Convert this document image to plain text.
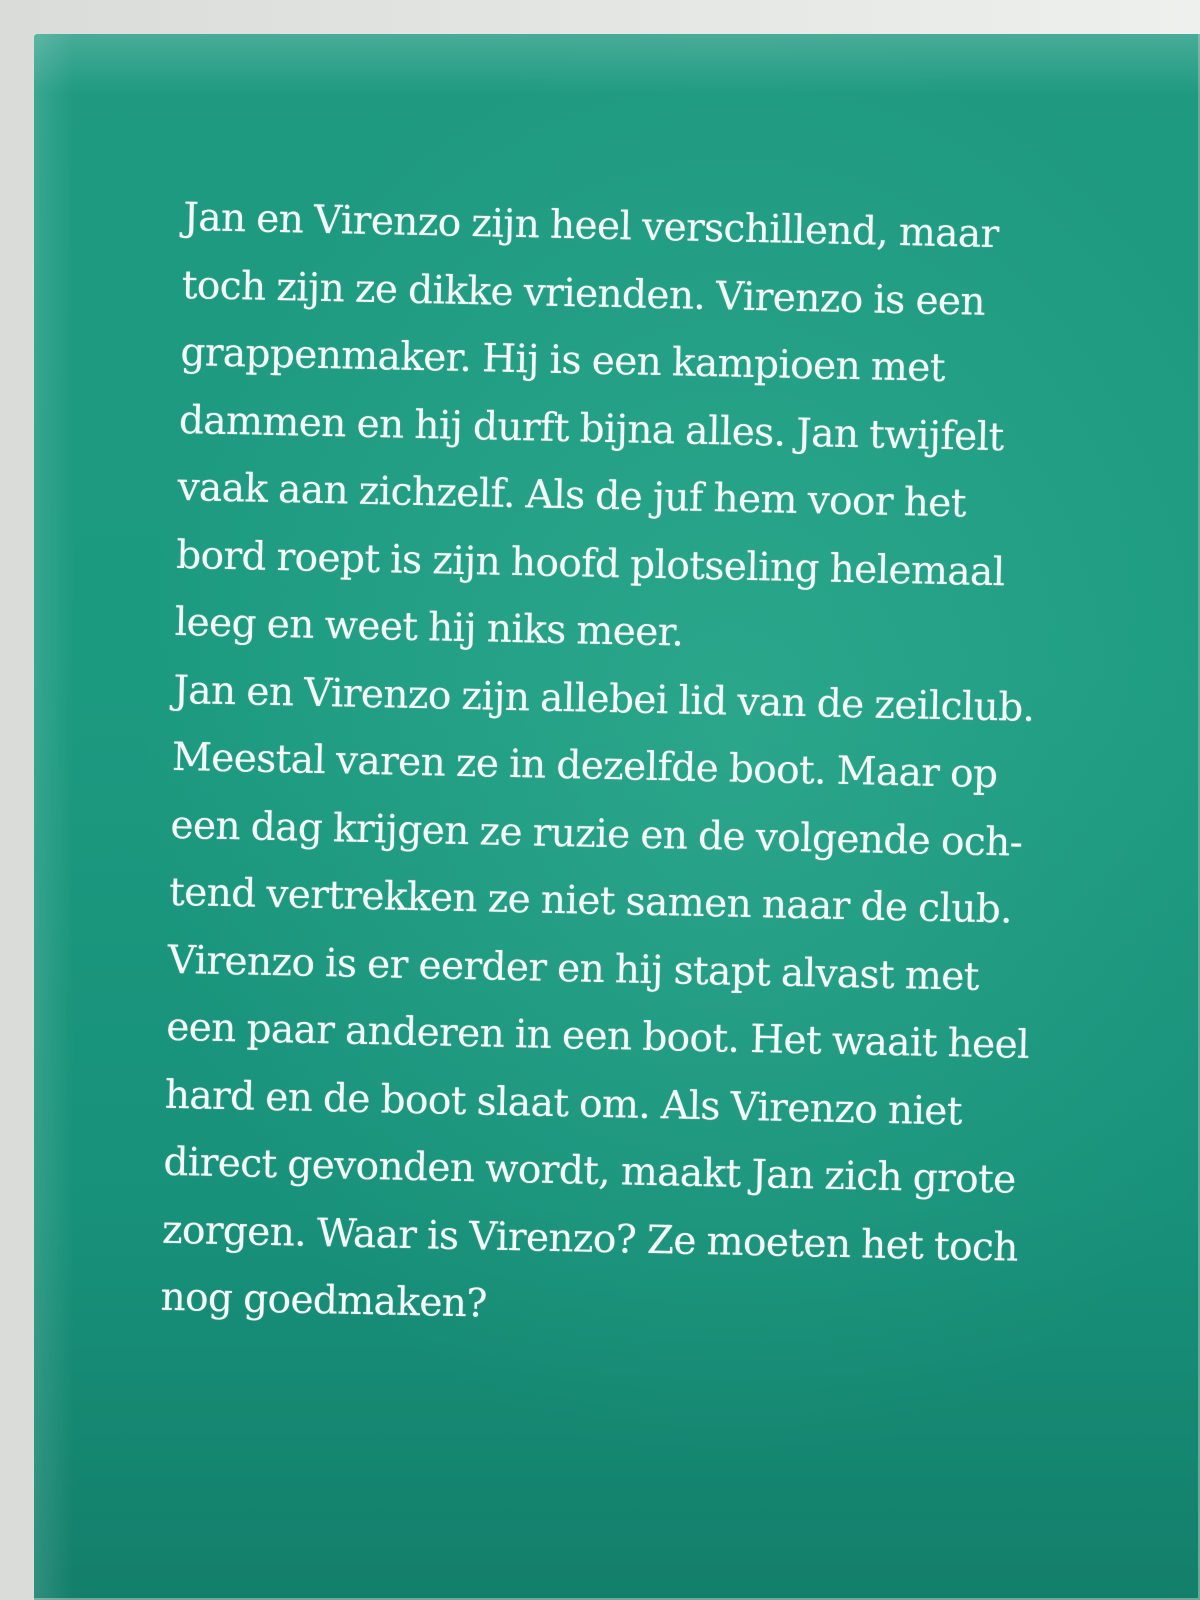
Jan en Virenzo zijn heel verschillend, maar
toch zijn ze dikke vrienden. Virenzo is een
grappenmaker. Hij is een kampioen met
dammen en hij durft bijna alles. Jan twijfelt
vaak aan zichzelf. Als de juf hem voor het
bord roept is zijn hoofd plotseling helemaal
leeg en weet hij niks meer.
Jan en Virenzo zijn allebei lid van de zeilclub.
Meestal varen ze in dezelfde boot. Maar op
een dag krijgen ze ruzie en de volgende och-
tend vertrekken ze niet samen naar de club.
Virenzo is er eerder en hij stapt alvast met
een paar anderen in een boot. Het waait heel
hard en de boot slaat om. Als Virenzo niet
direct gevonden wordt, maakt Jan zich grote
zorgen. Waar is Virenzo? Ze moeten het toch
nog goedmaken?
